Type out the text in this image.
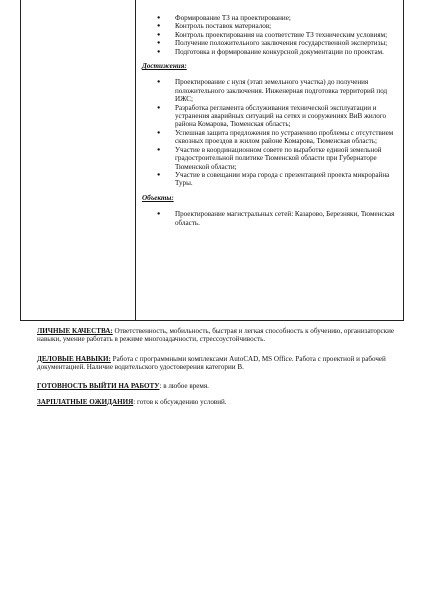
● Формирование ТЗ на проектирование;
● Контроль поставок материалов;
● Контроль проектирования на соответствие ТЗ техническим условиям;
● Получение положительного заключения государственной экспертизы;
● Подготовка и формирование конкурсной документации по проектам.

Достижения:

● Проектирование с нуля (этап земельного участка) до получения положительного заключения. Инженерная подготовка территорий под ИЖС;
● Разработка регламента обслуживания технической эксплуатации и устранения аварийных ситуаций на сетях и сооружениях ВиВ жилого района Комарова, Тюменская область;
● Успешная защита предложения по устранению проблемы с отсутствием сквозных проездов в жилом районе Комарова, Тюменская область;
● Участие в координационном совете по выработке единой земельной градостроительной политике Тюменской области при Губернаторе Тюменской области;
● Участие в совещании мэра города с презентацией проекта микрорайна Туры.

Объекты:

● Проектирование магистральных сетей: Казарово, Березняки, Тюменская область.
ЛИЧНЫЕ КАЧЕСТВА: Ответственность, мобильность, быстрая и легкая способность к обучению, организаторские навыки, умение работать в режиме многозадачности, стрессоустойчивость.
ДЕЛОВЫЕ НАВЫКИ: Работа с программными комплексами AutoCAD, MS Office. Работа с проектной и рабочей документацией. Наличие водительского удостоверения категории В.
ГОТОВНОСТЬ ВЫЙТИ НА РАБОТУ: в любое время.
ЗАРПЛАТНЫЕ ОЖИДАНИЯ: готов к обсуждению условий.
